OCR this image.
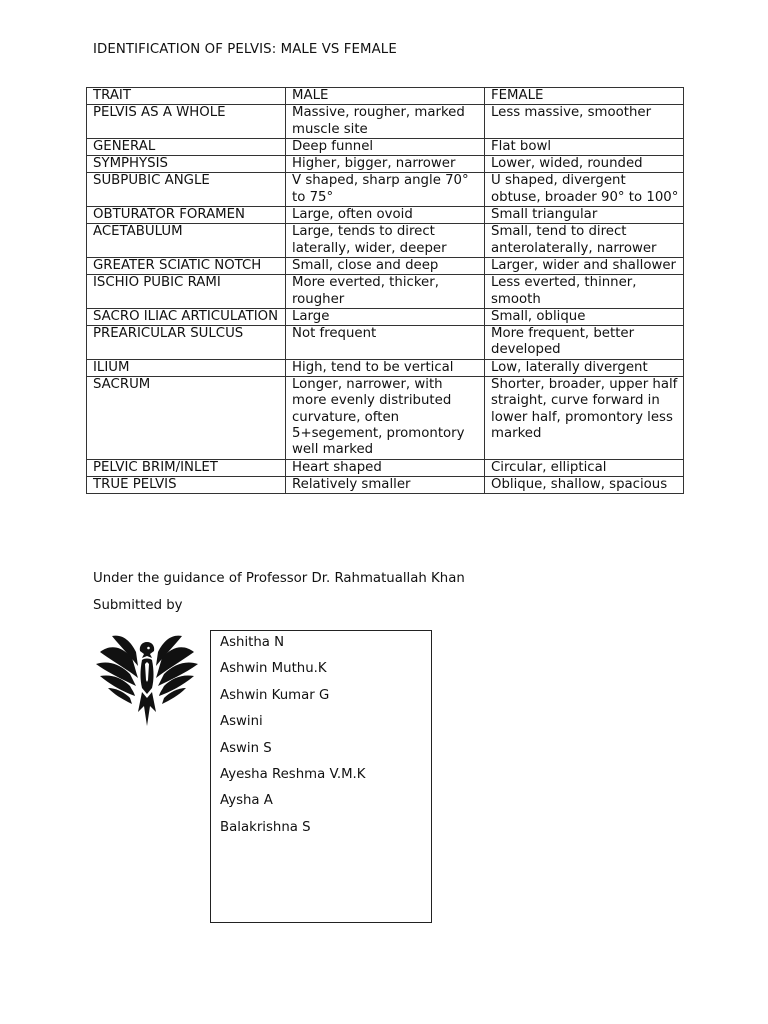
IDENTIFICATION OF PELVIS: MALE VS FEMALE
TRAIT	MALE	FEMALE
PELVIS AS A WHOLE	Massive, rougher, marked muscle site	Less massive, smoother
GENERAL	Deep funnel	Flat bowl
SYMPHYSIS	Higher, bigger, narrower	Lower, wided, rounded
SUBPUBIC ANGLE	V shaped, sharp angle 70° to 75°	U shaped, divergent obtuse, broader 90° to 100°
OBTURATOR FORAMEN	Large, often ovoid	Small triangular
ACETABULUM	Large, tends to direct laterally, wider, deeper	Small, tend to direct anterolaterally, narrower
GREATER SCIATIC NOTCH	Small, close and deep	Larger, wider and shallower
ISCHIO PUBIC RAMI	More everted, thicker, rougher	Less everted, thinner, smooth
SACRO ILIAC ARTICULATION	Large	Small, oblique
PREARICULAR SULCUS	Not frequent	More frequent, better developed
ILIUM	High, tend to be vertical	Low, laterally divergent
SACRUM	Longer, narrower, with more evenly distributed curvature, often 5+segement, promontory well marked	Shorter, broader, upper half straight, curve forward in lower half, promontory less marked
PELVIC BRIM/INLET	Heart shaped	Circular, elliptical
TRUE PELVIS	Relatively smaller	Oblique, shallow, spacious
Under the guidance of Professor Dr. Rahmatuallah Khan
Submitted by
Ashitha N
Ashwin Muthu.K
Ashwin Kumar G
Aswini
Aswin S
Ayesha Reshma V.M.K
Aysha A
Balakrishna S
